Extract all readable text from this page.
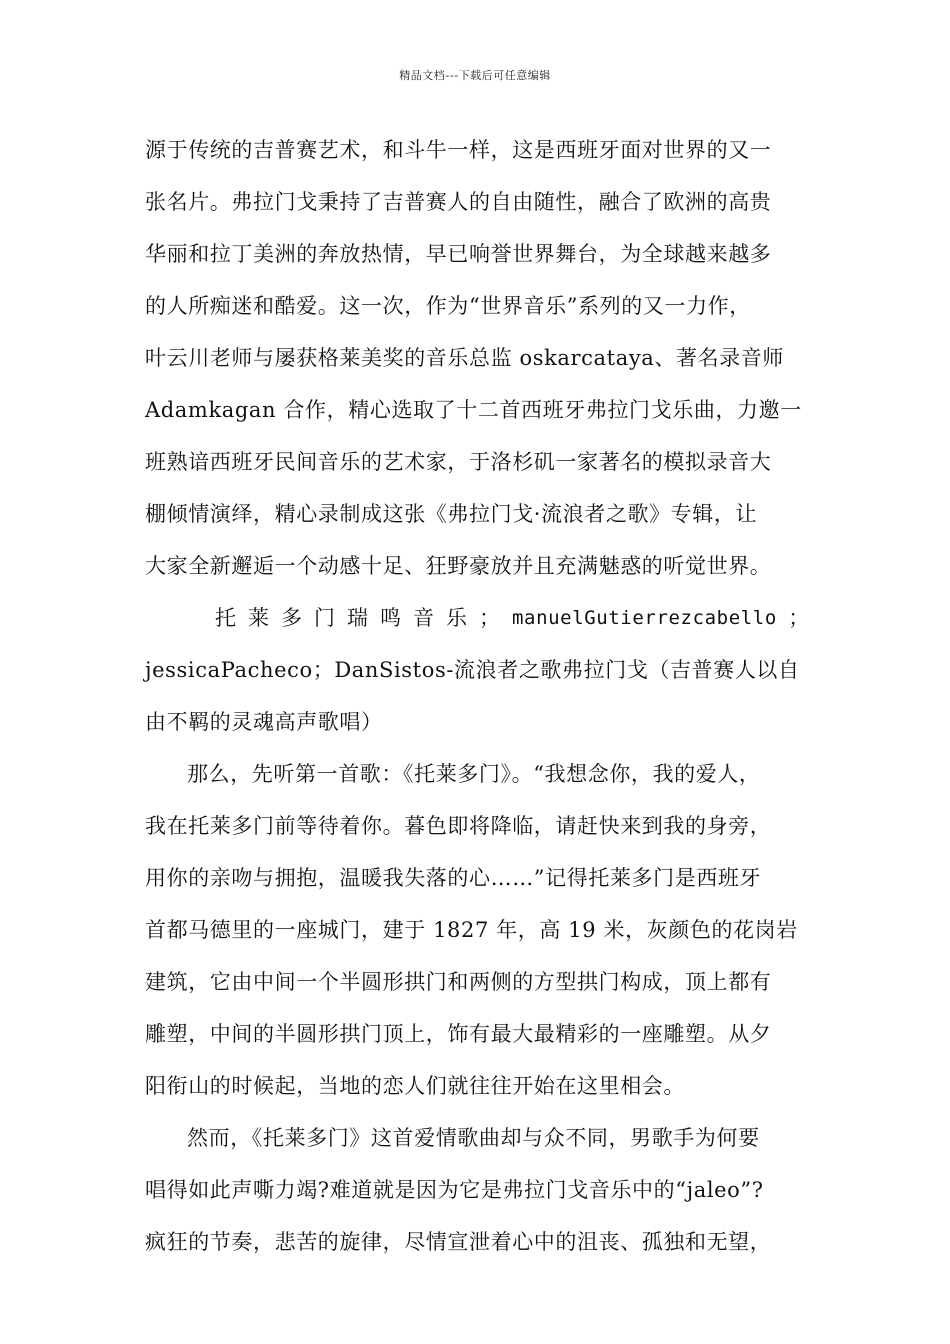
精品文档---下载后可任意编辑
源于传统的吉普赛艺术，和斗牛一样，这是西班牙面对世界的又一
张名片。弗拉门戈秉持了吉普赛人的自由随性，融合了欧洲的高贵
华丽和拉丁美洲的奔放热情，早已响誉世界舞台，为全球越来越多
的人所痴迷和酷爱。这一次，作为“世界音乐”系列的又一力作，
叶云川老师与屡获格莱美奖的音乐总监 oskarcataya、著名录音师
Adamkagan 合作，精心选取了十二首西班牙弗拉门戈乐曲，力邀一
班熟谙西班牙民间音乐的艺术家，于洛杉矶一家著名的模拟录音大
棚倾情演绎，精心录制成这张《弗拉门戈·流浪者之歌》专辑，让
大家全新邂逅一个动感十足、狂野豪放并且充满魅惑的听觉世界。
托 莱 多 门 瑞 鸣 音 乐 ； manuelGutierrezcabello ；
jessicaPacheco；DanSistos-流浪者之歌弗拉门戈（吉普赛人以自
由不羁的灵魂高声歌唱）
那么，先听第一首歌：《托莱多门》。“我想念你，我的爱人，
我在托莱多门前等待着你。暮色即将降临，请赶快来到我的身旁，
用你的亲吻与拥抱，温暖我失落的心……”记得托莱多门是西班牙
首都马德里的一座城门，建于 1827 年，高 19 米，灰颜色的花岗岩
建筑，它由中间一个半圆形拱门和两侧的方型拱门构成，顶上都有
雕塑，中间的半圆形拱门顶上，饰有最大最精彩的一座雕塑。从夕
阳衔山的时候起，当地的恋人们就往往开始在这里相会。
然而，《托莱多门》这首爱情歌曲却与众不同，男歌手为何要
唱得如此声嘶力竭?难道就是因为它是弗拉门戈音乐中的“jaleo”?
疯狂的节奏，悲苦的旋律，尽情宣泄着心中的沮丧、孤独和无望，
